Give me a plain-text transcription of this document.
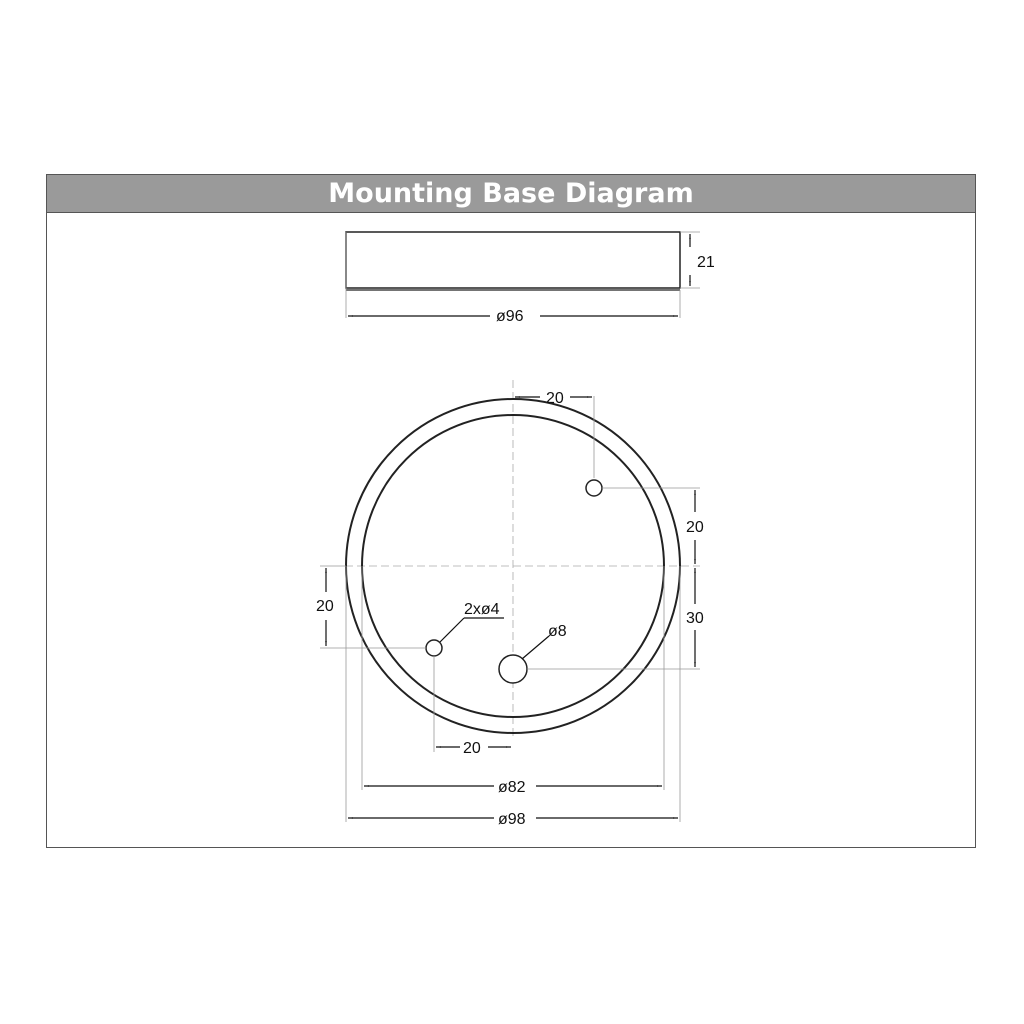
Mounting Base Diagram
21
ø96
20
20
30
20
20
2xø4
ø8
ø82
ø98
